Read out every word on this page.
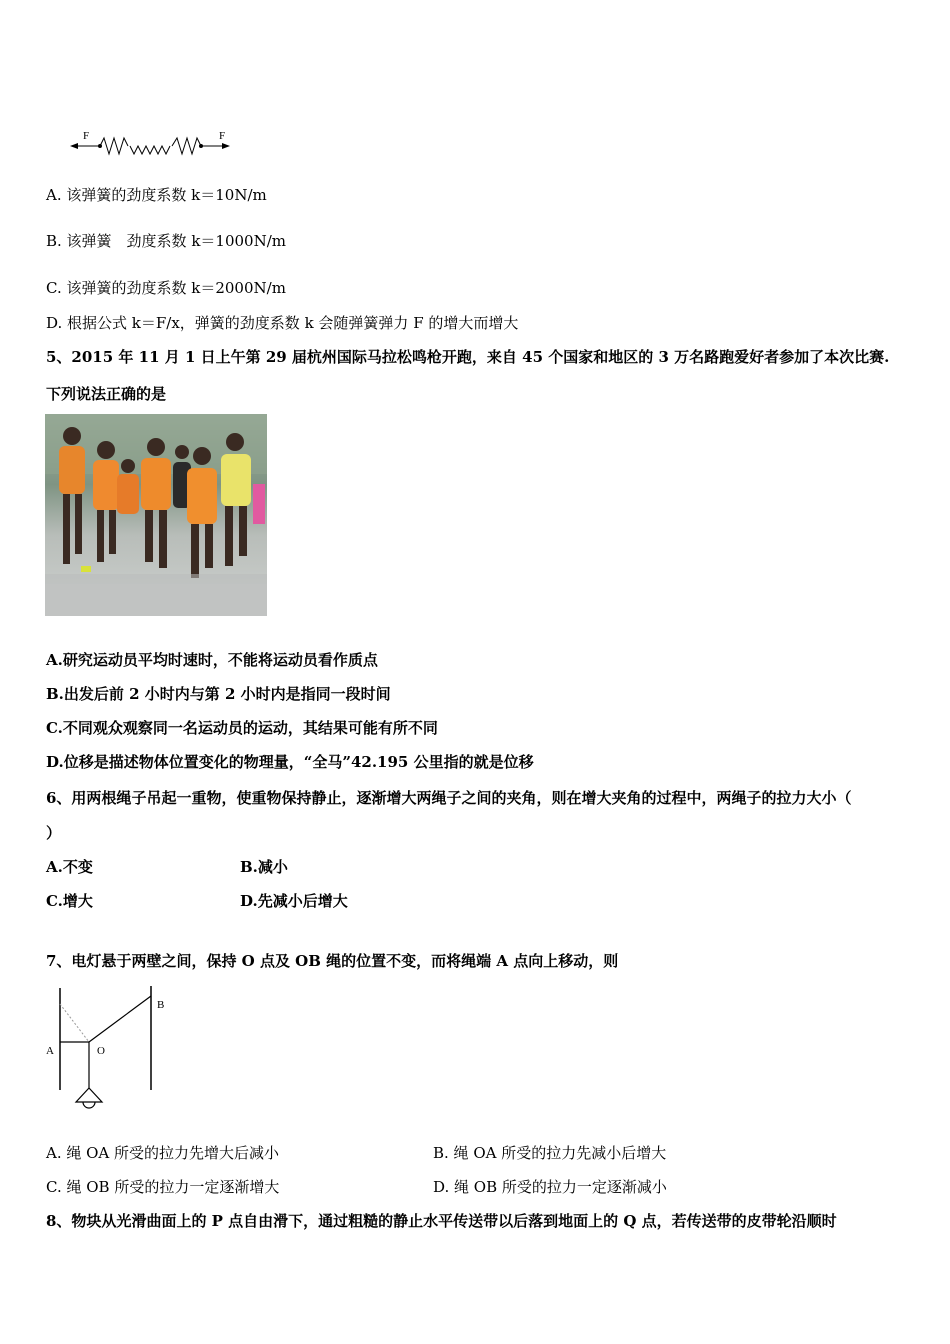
F	F
A. 该弹簧的劲度系数 k＝10N/m
B. 该弹簧　劲度系数 k＝1000N/m
C. 该弹簧的劲度系数 k＝2000N/m
D. 根据公式 k＝F/x，弹簧的劲度系数 k 会随弹簧弹力 F 的增大而增大
5、2015 年 11 月 1 日上午第 29 届杭州国际马拉松鸣枪开跑，来自 45 个国家和地区的 3 万名路跑爱好者参加了本次比赛.
下列说法正确的是
A.研究运动员平均时速时，不能将运动员看作质点
B.出发后前 2 小时内与第 2 小时内是指同一段时间
C.不同观众观察同一名运动员的运动，其结果可能有所不同
D.位移是描述物体位置变化的物理量，“全马”42.195 公里指的就是位移
6、用两根绳子吊起一重物，使重物保持静止，逐渐增大两绳子之间的夹角，则在增大夹角的过程中，两绳子的拉力大小（
）
A.不变	B.减小
C.增大	D.先减小后增大
7、电灯悬于两壁之间，保持 O 点及 OB 绳的位置不变，而将绳端 A 点向上移动，则
A	O
B
A. 绳 OA 所受的拉力先增大后减小	B. 绳 OA 所受的拉力先减小后增大
C. 绳 OB 所受的拉力一定逐渐增大	D. 绳 OB 所受的拉力一定逐渐减小
8、物块从光滑曲面上的 P 点自由滑下，通过粗糙的静止水平传送带以后落到地面上的 Q 点，若传送带的皮带轮沿顺时
